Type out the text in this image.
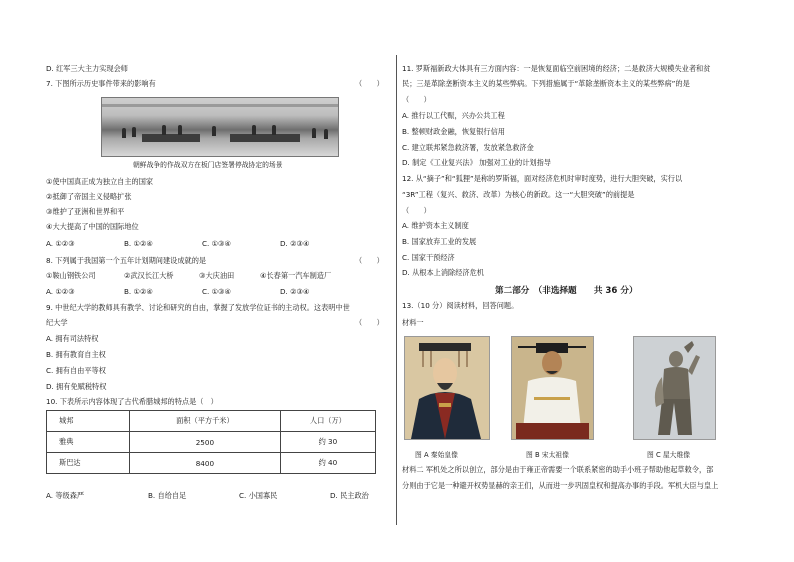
D. 红军三大主力实现会师
7. 下图所示历史事件带来的影响有	（　　）
朝鲜战争的作战双方在板门店签署停战协定的场景
①使中国真正成为独立自主的国家
②抵御了帝国主义侵略扩张
③维护了亚洲和世界和平
④大大提高了中国的国际地位
A. ①②③	B. ①②④	C. ①③④	D. ②③④
8. 下列属于我国第一个五年计划期间建设成就的是	（　　）
①鞍山钢铁公司	②武汉长江大桥	③大庆油田	④长春第一汽车制造厂
A. ①②③	B. ①②④	C. ①③④	D. ②③④
9. 中世纪大学的教师具有教学、讨论和研究的自由，掌握了发放学位证书的主动权。这表明中世
纪大学	（　　）
A. 拥有司法特权
B. 拥有教育自主权
C. 拥有自由平等权
D. 拥有免赋税特权
10. 下表所示内容体现了古代希腊城邦的特点是（　）
城邦	面积（平方千米）	人口（万）
雅典	2500	约 30
斯巴达	8400	约 40
A. 等级森严	B. 自给自足	C. 小国寡民	D. 民主政治
11. 罗斯福新政大体具有三方面内容：一是恢复面临空前困境的经济；二是救济大规模失业者和贫
民；三是革除垄断资本主义的某些弊病。下列措施属于“革除垄断资本主义的某些弊病”的是
（　　）
A. 推行以工代赈，兴办公共工程
B. 整顿财政金融，恢复银行信用
C. 建立联邦紧急救济署，发放紧急救济金
D. 制定《工业复兴法》 加强对工业的计划指导
12. 从“摘子”和“狐狸”是称的罗斯福，面对经济危机时审时度势，进行大胆突破，实行以
“3R”工程（复兴、救济、改革）为核心的新政。这一“大胆突破”的前提是
（　　）
A. 维护资本主义制度
B. 国家放弃工业的发展
C. 国家干预经济
D. 从根本上消除经济危机
第二部分　（非选择题　　共 36 分）
13.（10 分）阅读材料，回答问题。
材料一
图 A 秦始皇像	图 B 宋太祖像	图 C 屋大维像
材料二 军机处之所以创立，部分是由于雍正帝需要一个联系紧密的助手小班子帮助他起草敕令，部
分则由于它是一种避开权势显赫的亲王们，从而进一步巩固皇权和提高办事的手段。军机大臣与皇上
